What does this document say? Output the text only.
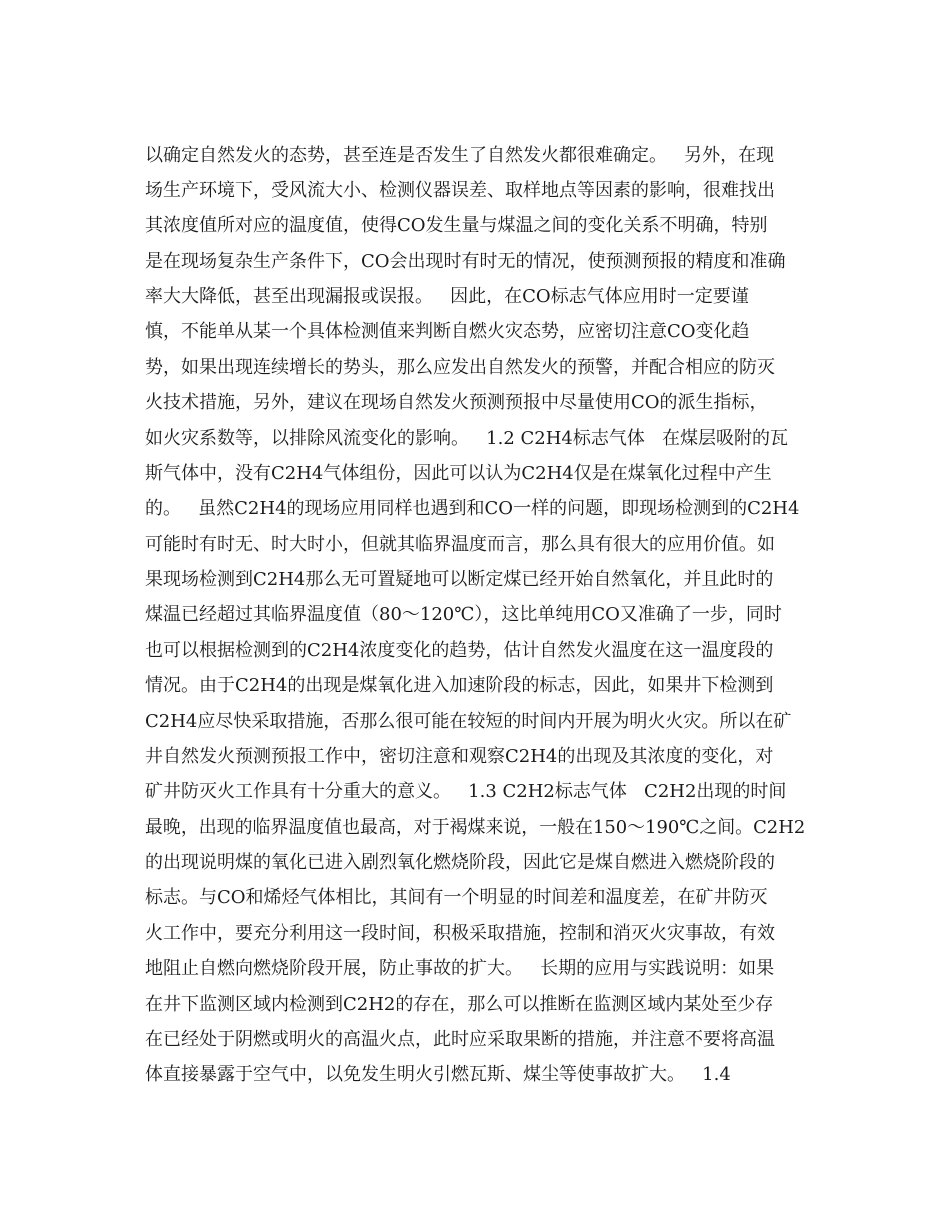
以确定自然发火的态势，甚至连是否发生了自然发火都很难确定。   另外，在现

场生产环境下，受风流大小、检测仪器误差、取样地点等因素的影响，很难找出

其浓度值所对应的温度值，使得CO发生量与煤温之间的变化关系不明确，特别

是在现场复杂生产条件下，CO会出现时有时无的情况，使预测预报的精度和准确

率大大降低，甚至出现漏报或误报。   因此，在CO标志气体应用时一定要谨

慎，不能单从某一个具体检测值来判断自燃火灾态势，应密切注意CO变化趋

势，如果出现连续增长的势头，那么应发出自然发火的预警，并配合相应的防灭

火技术措施，另外，建议在现场自然发火预测预报中尽量使用CO的派生指标，

如火灾系数等，以排除风流变化的影响。   1.2 C2H4标志气体   在煤层吸附的瓦

斯气体中，没有C2H4气体组份，因此可以认为C2H4仅是在煤氧化过程中产生

的。   虽然C2H4的现场应用同样也遇到和CO一样的问题，即现场检测到的C2H4

可能时有时无、时大时小，但就其临界温度而言，那么具有很大的应用价值。如

果现场检测到C2H4那么无可置疑地可以断定煤已经开始自然氧化，并且此时的

煤温已经超过其临界温度值（80～120℃），这比单纯用CO又准确了一步，同时

也可以根据检测到的C2H4浓度变化的趋势，估计自然发火温度在这一温度段的

情况。由于C2H4的出现是煤氧化进入加速阶段的标志，因此，如果井下检测到

C2H4应尽快采取措施，否那么很可能在较短的时间内开展为明火火灾。所以在矿

井自然发火预测预报工作中，密切注意和观察C2H4的出现及其浓度的变化，对

矿井防灭火工作具有十分重大的意义。   1.3 C2H2标志气体   C2H2出现的时间

最晚，出现的临界温度值也最高，对于褐煤来说，一般在150～190℃之间。C2H2

的出现说明煤的氧化已进入剧烈氧化燃烧阶段，因此它是煤自燃进入燃烧阶段的

标志。与CO和烯烃气体相比，其间有一个明显的时间差和温度差，在矿井防灭

火工作中，要充分利用这一段时间，积极采取措施，控制和消灭火灾事故，有效

地阻止自燃向燃烧阶段开展，防止事故的扩大。   长期的应用与实践说明：如果

在井下监测区域内检测到C2H2的存在，那么可以推断在监测区域内某处至少存

在已经处于阴燃或明火的高温火点，此时应采取果断的措施，并注意不要将高温

体直接暴露于空气中，以免发生明火引燃瓦斯、煤尘等使事故扩大。   1.4
